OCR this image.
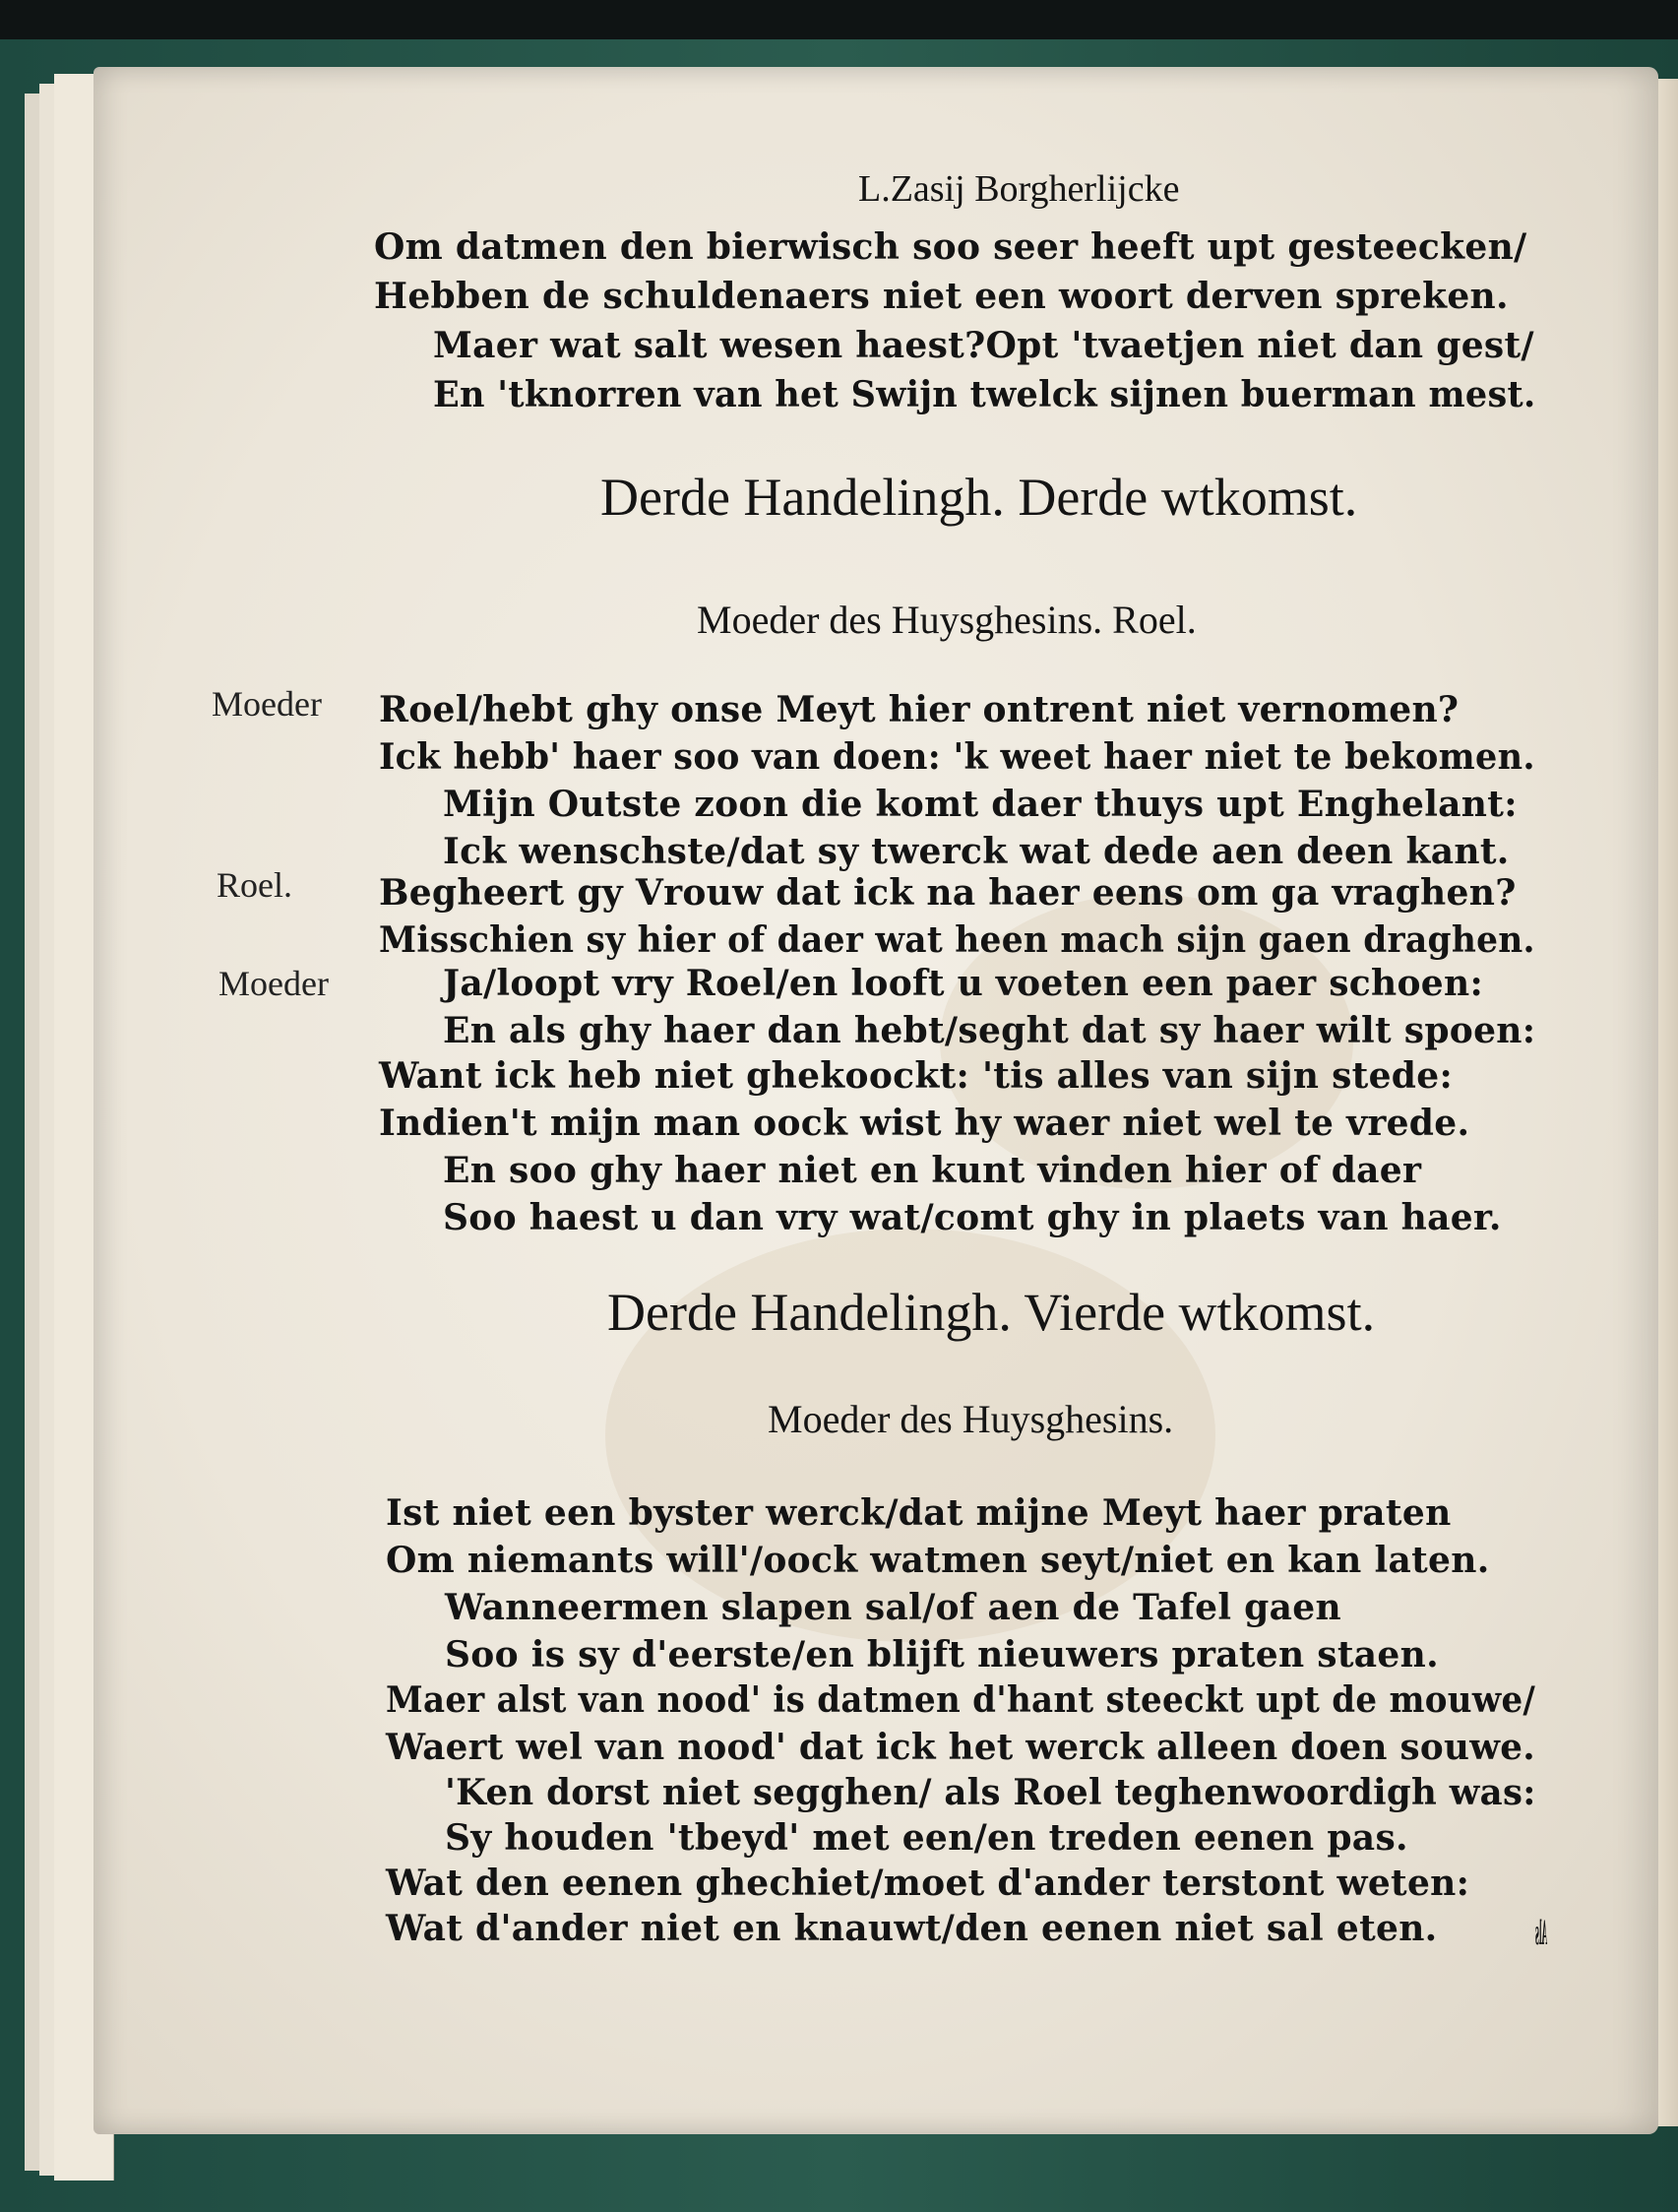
L.Zasij Borgherlijcke
Om datmen den bierwisch soo seer heeft upt gesteecken/
Hebben de schuldenaers niet een woort derven spreken.
Maer wat salt wesen haest?Opt 'tvaetjen niet dan gest/
En 'tknorren van het Swijn twelck sijnen buerman mest.
Derde Handelingh. Derde wtkomst.
Moeder des Huysghesins. Roel.
Moeder
Roel.
Moeder
Roel/hebt ghy onse Meyt hier ontrent niet vernomen?
Ick hebb' haer soo van doen: 'k weet haer niet te bekomen.
Mijn Outste zoon die komt daer thuys upt Enghelant:
Ick wenschste/dat sy twerck wat dede aen deen kant.
Begheert gy Vrouw dat ick na haer eens om ga vraghen?
Misschien sy hier of daer wat heen mach sijn gaen draghen.
Ja/loopt vry Roel/en looft u voeten een paer schoen:
En als ghy haer dan hebt/seght dat sy haer wilt spoen:
Want ick heb niet ghekoockt: 'tis alles van sijn stede:
Indien't mijn man oock wist hy waer niet wel te vrede.
En soo ghy haer niet en kunt vinden hier of daer
Soo haest u dan vry wat/comt ghy in plaets van haer.
Derde Handelingh. Vierde wtkomst.
Moeder des Huysghesins.
Ist niet een byster werck/dat mijne Meyt haer praten
Om niemants will'/oock watmen seyt/niet en kan laten.
Wanneermen slapen sal/of aen de Tafel gaen
Soo is sy d'eerste/en blijft nieuwers praten staen.
Maer alst van nood' is datmen d'hant steeckt upt de mouwe/
Waert wel van nood' dat ick het werck alleen doen souwe.
'Ken dorst niet segghen/ als Roel teghenwoordigh was:
Sy houden 'tbeyd' met een/en treden eenen pas.
Wat den eenen ghechiet/moet d'ander terstont weten:
Wat d'ander niet en knauwt/den eenen niet sal eten.	Als
